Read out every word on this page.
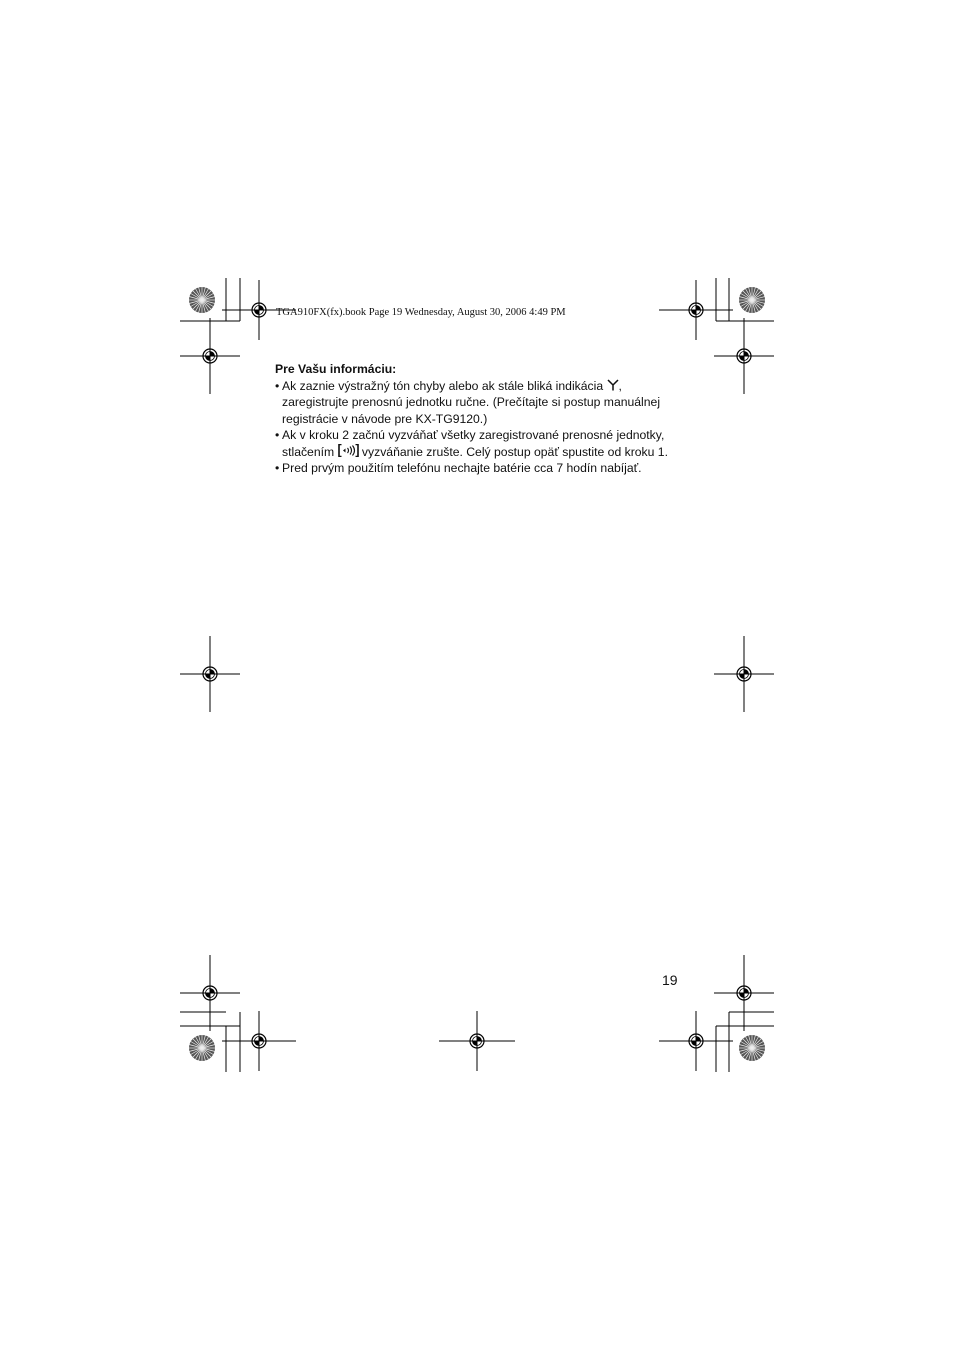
TGA910FX(fx).book Page 19 Wednesday, August 30, 2006 4:49 PM
Pre Vašu informáciu:
• Ak zaznie výstražný tón chyby alebo ak stále bliká indikácia ,
zaregistrujte prenosnú jednotku ručne. (Prečítajte si postup manuálnej
registrácie v návode pre KX-TG9120.)
• Ak v kroku 2 začnú vyzváňať všetky zaregistrované prenosné jednotky,
stlačením  vyzváňanie zrušte. Celý postup opäť spustite od kroku 1.
• Pred prvým použitím telefónu nechajte batérie cca 7 hodín nabíjať.
19
